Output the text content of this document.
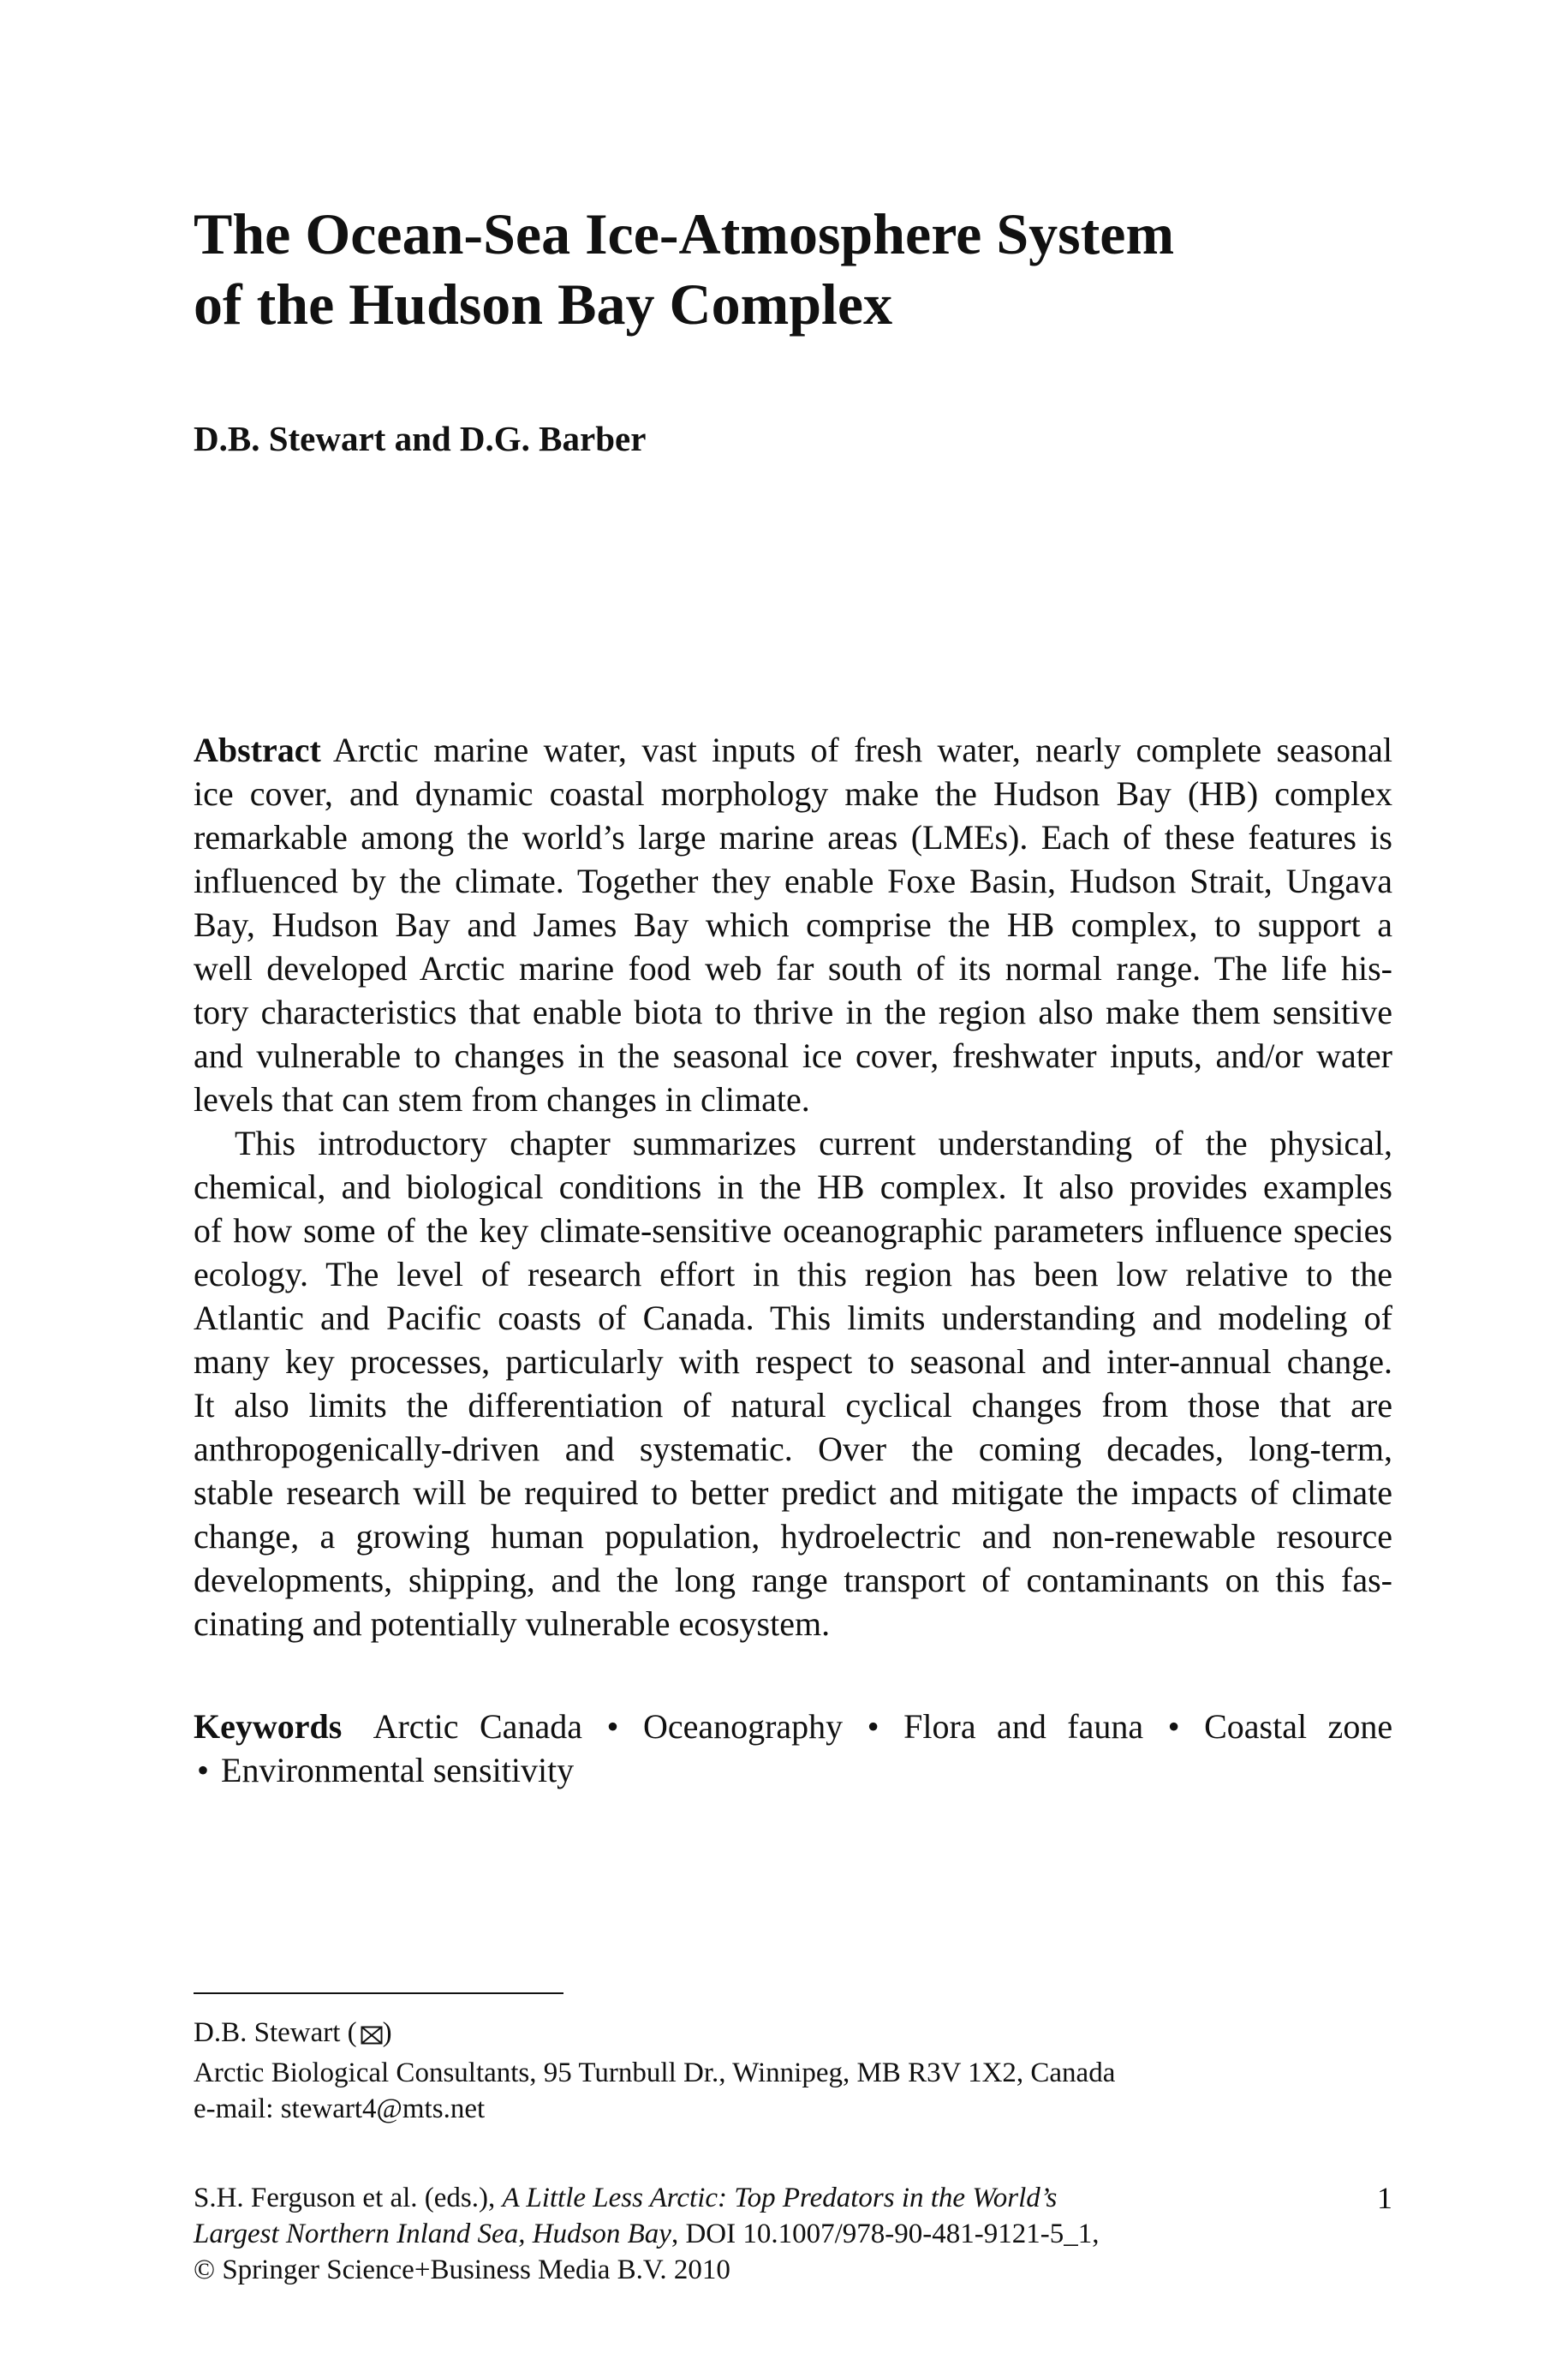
The Ocean-Sea Ice-Atmosphere System
of the Hudson Bay Complex
D.B. Stewart and D.G. Barber

Abstract Arctic marine water, vast inputs of fresh water, nearly complete seasonal
ice cover, and dynamic coastal morphology make the Hudson Bay (HB) complex
remarkable among the world’s large marine areas (LMEs). Each of these features is
influenced by the climate. Together they enable Foxe Basin, Hudson Strait, Ungava
Bay, Hudson Bay and James Bay which comprise the HB complex, to support a
well developed Arctic marine food web far south of its normal range. The life his-
tory characteristics that enable biota to thrive in the region also make them sensitive
and vulnerable to changes in the seasonal ice cover, freshwater inputs, and/or water
levels that can stem from changes in climate.

This introductory chapter summarizes current understanding of the physical,
chemical, and biological conditions in the HB complex. It also provides examples
of how some of the key climate-sensitive oceanographic parameters influence species
ecology. The level of research effort in this region has been low relative to the
Atlantic and Pacific coasts of Canada. This limits understanding and modeling of
many key processes, particularly with respect to seasonal and inter-annual change.
It also limits the differentiation of natural cyclical changes from those that are
anthropogenically-driven and systematic. Over the coming decades, long-term,
stable research will be required to better predict and mitigate the impacts of climate
change, a growing human population, hydroelectric and non-renewable resource
developments, shipping, and the long range transport of contaminants on this fas-
cinating and potentially vulnerable ecosystem.

Keywords Arctic Canada • Oceanography • Flora and fauna • Coastal zone
• Environmental sensitivity
D.B. Stewart ( )
Arctic Biological Consultants, 95 Turnbull Dr., Winnipeg, MB R3V 1X2, Canada
e-mail: stewart4@mts.net
S.H. Ferguson et al. (eds.), A Little Less Arctic: Top Predators in the World’s
Largest Northern Inland Sea, Hudson Bay, DOI 10.1007/978-90-481-9121-5_1,
© Springer Science+Business Media B.V. 2010
1
